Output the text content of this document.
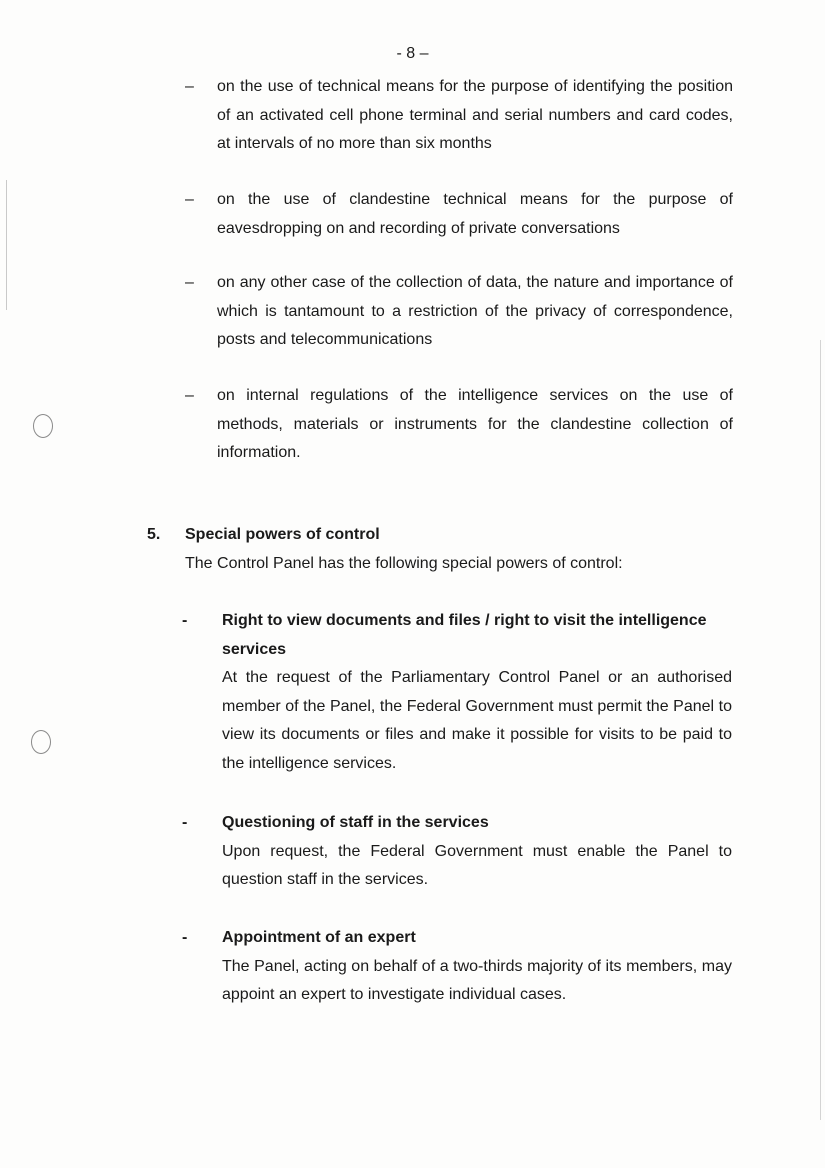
- 8 –
– on the use of technical means for the purpose of identifying the position of an activated cell phone terminal and serial numbers and card codes, at intervals of no more than six months
– on the use of clandestine technical means for the purpose of eavesdropping on and recording of private conversations
– on any other case of the collection of data, the nature and importance of which is tantamount to a restriction of the privacy of correspondence, posts and telecommunications
– on internal regulations of the intelligence services on the use of methods, materials or instruments for the clandestine collection of information.
5. Special powers of control
The Control Panel has the following special powers of control:
- Right to view documents and files / right to visit the intelligence services

At the request of the Parliamentary Control Panel or an authorised member of the Panel, the Federal Government must permit the Panel to view its documents or files and make it possible for visits to be paid to the intelligence services.

- Questioning of staff in the services

Upon request, the Federal Government must enable the Panel to question staff in the services.

- Appointment of an expert

The Panel, acting on behalf of a two-thirds majority of its members, may appoint an expert to investigate individual cases.
